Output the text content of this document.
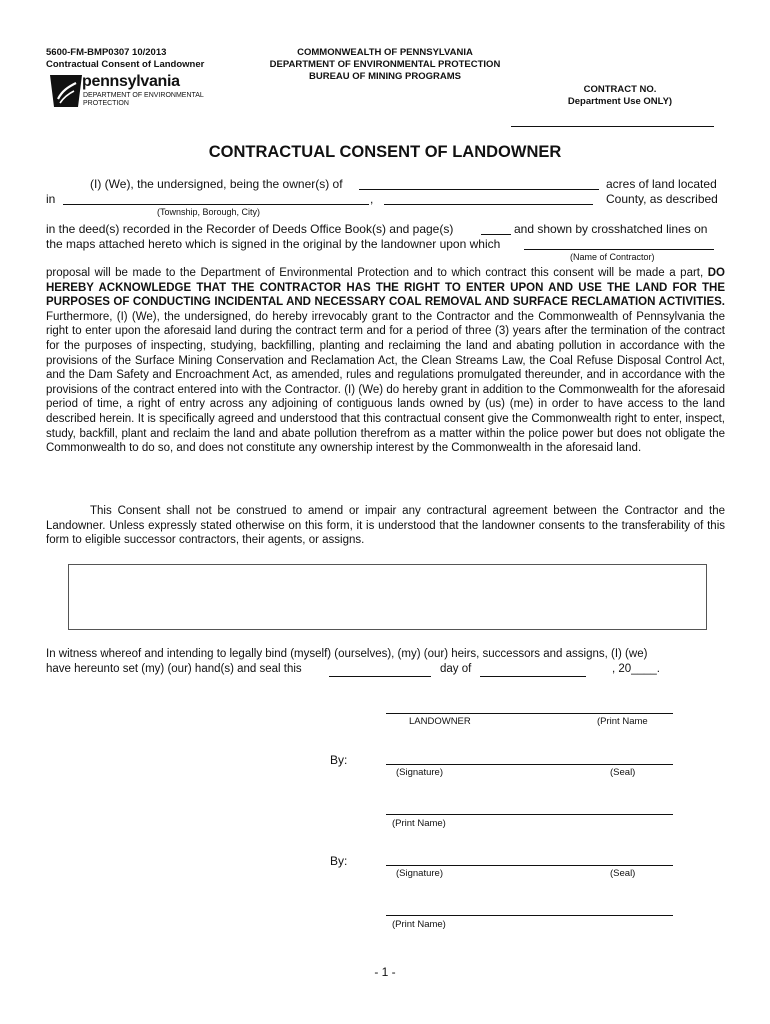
5600-FM-BMP0307 10/2013
Contractual Consent of Landowner
pennsylvania
DEPARTMENT OF ENVIRONMENTAL
PROTECTION
COMMONWEALTH OF PENNSYLVANIA
DEPARTMENT OF ENVIRONMENTAL PROTECTION
BUREAU OF MINING PROGRAMS
CONTRACT NO.
Department Use ONLY)
CONTRACTUAL CONSENT OF LANDOWNER
(I) (We), the undersigned, being the owner(s) of	acres of land located
in	,	County, as described
(Township, Borough, City)
in the deed(s) recorded in the Recorder of Deeds Office Book(s) and page(s)	and shown by crosshatched lines on
the maps attached hereto which is signed in the original by the landowner upon which
(Name of Contractor)
proposal will be made to the Department of Environmental Protection and to which contract this consent will be made a part, DO HEREBY ACKNOWLEDGE THAT THE CONTRACTOR HAS THE RIGHT TO ENTER UPON AND USE THE LAND FOR THE PURPOSES OF CONDUCTING INCIDENTAL AND NECESSARY COAL REMOVAL AND SURFACE RECLAMATION ACTIVITIES. Furthermore, (I) (We), the undersigned, do hereby irrevocably grant to the Contractor and the Commonwealth of Pennsylvania the right to enter upon the aforesaid land during the contract term and for a period of three (3) years after the termination of the contract for the purposes of inspecting, studying, backfilling, planting and reclaiming the land and abating pollution in accordance with the provisions of the Surface Mining Conservation and Reclamation Act, the Clean Streams Law, the Coal Refuse Disposal Control Act, and the Dam Safety and Encroachment Act, as amended, rules and regulations promulgated thereunder, and in accordance with the provisions of the contract entered into with the Contractor. (I) (We) do hereby grant in addition to the Commonwealth for the aforesaid period of time, a right of entry across any adjoining of contiguous lands owned by (us) (me) in order to have access to the land described herein. It is specifically agreed and understood that this contractual consent give the Commonwealth right to enter, inspect, study, backfill, plant and reclaim the land and abate pollution therefrom as a matter within the police power but does not obligate the Commonwealth to do so, and does not constitute any ownership interest by the Commonwealth in the aforesaid land.
This Consent shall not be construed to amend or impair any contractural agreement between the Contractor and the Landowner. Unless expressly stated otherwise on this form, it is understood that the landowner consents to the transferability of this form to eligible successor contractors, their agents, or assigns.
In witness whereof and intending to legally bind (myself) (ourselves), (my) (our) heirs, successors and assigns, (I) (we)
have hereunto set (my) (our) hand(s) and seal this	day of	, 20____.
LANDOWNER	(Print Name
By:
(Signature)	(Seal)
(Print Name)
By:
(Signature)	(Seal)
(Print Name)
- 1 -
